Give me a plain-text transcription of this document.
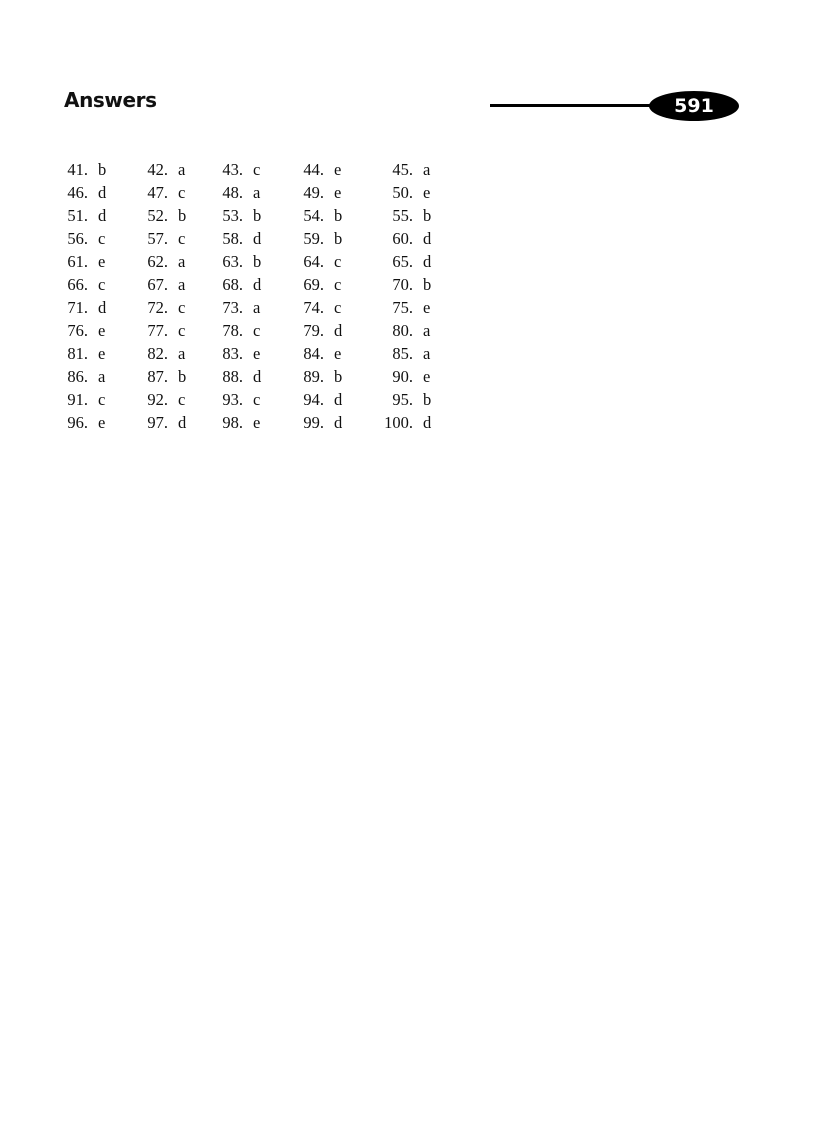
Answers	591
41. b	42. a	43. c	44. e	45. a
46. d	47. c	48. a	49. e	50. e
51. d	52. b	53. b	54. b	55. b
56. c	57. c	58. d	59. b	60. d
61. e	62. a	63. b	64. c	65. d
66. c	67. a	68. d	69. c	70. b
71. d	72. c	73. a	74. c	75. e
76. e	77. c	78. c	79. d	80. a
81. e	82. a	83. e	84. e	85. a
86. a	87. b	88. d	89. b	90. e
91. c	92. c	93. c	94. d	95. b
96. e	97. d	98. e	99. d	100. d
